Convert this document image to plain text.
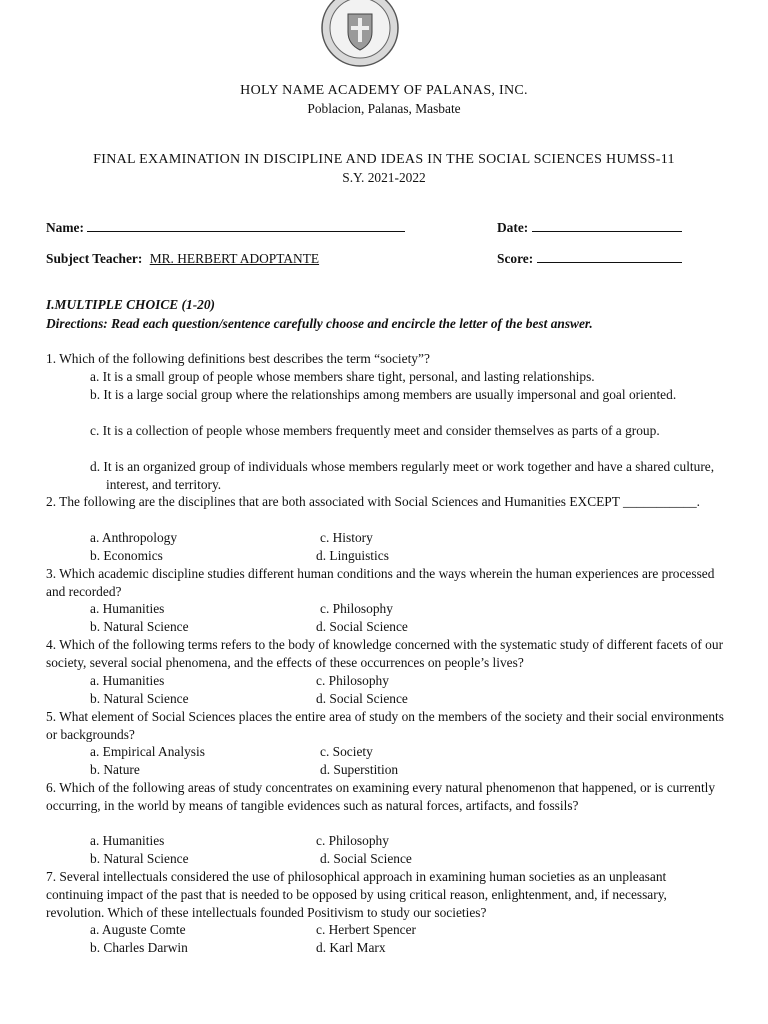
HOLY NAME ACADEMY OF PALANAS, INC.
Poblacion, Palanas, Masbate
FINAL EXAMINATION IN DISCIPLINE AND IDEAS IN THE SOCIAL SCIENCES HUMSS-11
S.Y. 2021-2022
Name:	Date:
Subject Teacher: MR. HERBERT ADOPTANTE	Score:
I.MULTIPLE CHOICE (1-20)
Directions: Read each question/sentence carefully choose and encircle the letter of the best answer.
1. Which of the following definitions best describes the term “society”?
a. It is a small group of people whose members share tight, personal, and lasting relationships.
b. It is a large social group where the relationships among members are usually impersonal and goal oriented.
c. It is a collection of people whose members frequently meet and consider themselves as parts of a group.
d. It is an organized group of individuals whose members regularly meet or work together and have a shared culture, interest, and territory.
2. The following are the disciplines that are both associated with Social Sciences and Humanities EXCEPT ___________.
a. Anthropology	c. History
b. Economics	d. Linguistics
3. Which academic discipline studies different human conditions and the ways wherein the human experiences are processed and recorded?
a. Humanities	c. Philosophy
b. Natural Science	d. Social Science
4. Which of the following terms refers to the body of knowledge concerned with the systematic study of different facets of our society, several social phenomena, and the effects of these occurrences on people’s lives?
a. Humanities	c. Philosophy
b. Natural Science	d. Social Science
5. What element of Social Sciences places the entire area of study on the members of the society and their social environments or backgrounds?
a. Empirical Analysis	c. Society
b. Nature	d. Superstition
6. Which of the following areas of study concentrates on examining every natural phenomenon that happened, or is currently occurring, in the world by means of tangible evidences such as natural forces, artifacts, and fossils?
a. Humanities	c. Philosophy
b. Natural Science	d. Social Science
7. Several intellectuals considered the use of philosophical approach in examining human societies as an unpleasant continuing impact of the past that is needed to be opposed by using critical reason, enlightenment, and, if necessary, revolution. Which of these intellectuals founded Positivism to study our societies?
a. Auguste Comte	c. Herbert Spencer
b. Charles Darwin	d. Karl Marx
